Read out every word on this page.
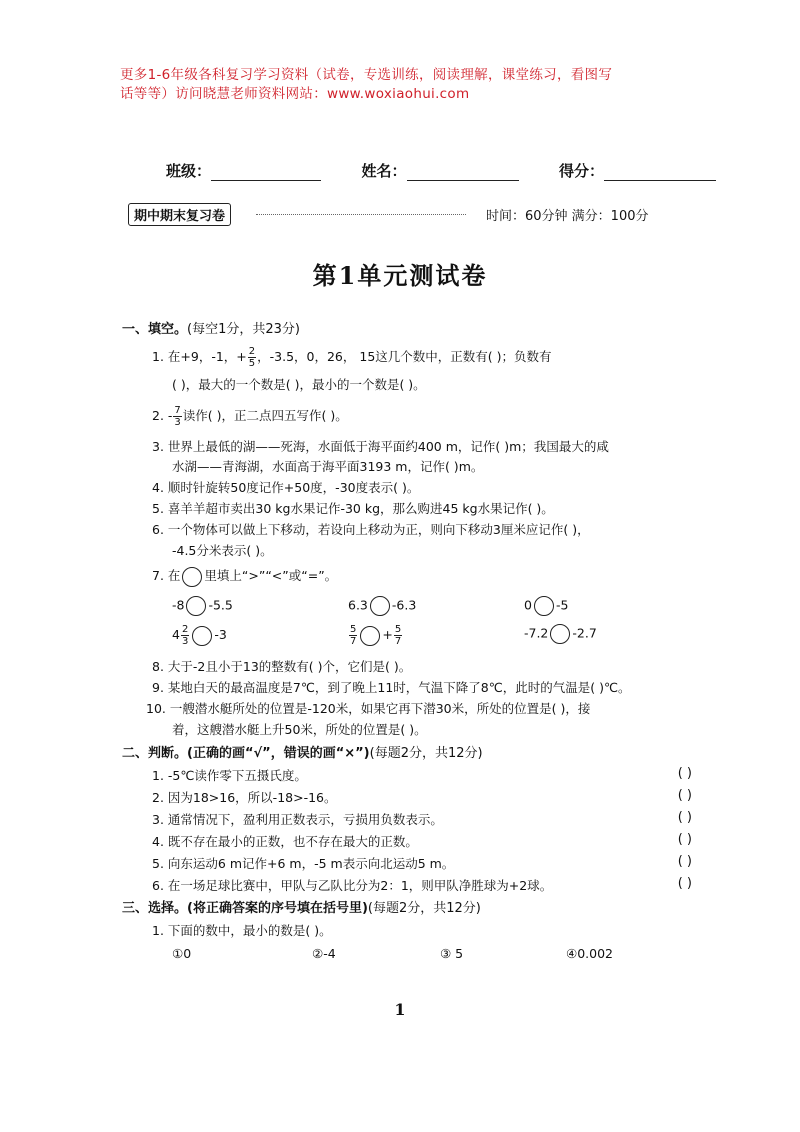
更多1-6年级各科复习学习资料（试卷，专选训练，阅读理解，课堂练习，看图写
话等等）访问晓慧老师资料网站：www.woxiaohui.com
班级：	姓名：	得分：
期中期末复习卷	时间：60分钟 满分：100分
第1单元测试卷
一、填空。(每空1分，共23分)
1. 在+9，-1，+ $\frac{2}{5}$ ，-3.5，0，26， 15这几个数中，正数有( )；负数有
( )，最大的一个数是( )，最小的一个数是( )。
2. - $\frac{7}{3}$ 读作( )，正二点四五写作( )。
3. 世界上最低的湖——死海，水面低于海平面约400 m，记作( )m；我国最大的咸
水湖——青海湖，水面高于海平面3193 m，记作( )m。
4. 顺时针旋转50度记作+50度，-30度表示( )。
5. 喜羊羊超市卖出30 kg水果记作-30 kg，那么购进45 kg水果记作( )。
6. 一个物体可以做上下移动，若设向上移动为正，则向下移动3厘米应记作( )，
-4.5分米表示( )。
7. 在 里填上“>”“<”或“=”。
-8 -5.5	6.3 -6.3	0 -5
$4 \frac{2}{3} -3$	$\frac{5}{7} + \frac{5}{7}$	-7.2 -2.7
8. 大于-2且小于13的整数有( )个，它们是( )。
9. 某地白天的最高温度是7℃，到了晚上11时，气温下降了8℃，此时的气温是( )℃。
10. 一艘潜水艇所处的位置是-120米，如果它再下潜30米，所处的位置是( )，接
着，这艘潜水艇上升50米，所处的位置是( )。
二、判断。(正确的画“√”，错误的画“×”)(每题2分，共12分)
1. -5℃读作零下五摄氏度。	( )
2. 因为18>16，所以-18>-16。	( )
3. 通常情况下，盈利用正数表示，亏损用负数表示。	( )
4. 既不存在最小的正数，也不存在最大的正数。	( )
5. 向东运动6 m记作+6 m，-5 m表示向北运动5 m。	( )
6. 在一场足球比赛中，甲队与乙队比分为2：1，则甲队净胜球为+2球。	( )
三、选择。(将正确答案的序号填在括号里)(每题2分，共12分)
1. 下面的数中，最小的数是( )。
①0	②-4	③ 5	④0.002
1
